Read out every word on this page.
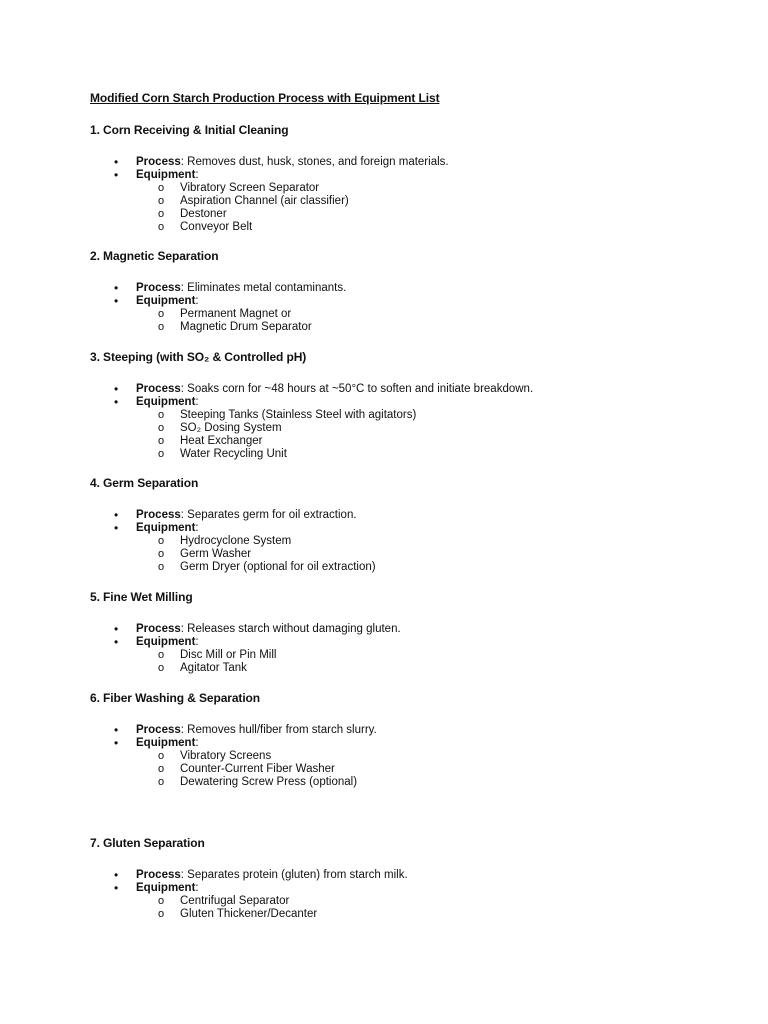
Modified Corn Starch Production Process with Equipment List
1. Corn Receiving & Initial Cleaning
• Process: Removes dust, husk, stones, and foreign materials.
• Equipment:
o Vibratory Screen Separator
o Aspiration Channel (air classifier)
o Destoner
o Conveyor Belt
2. Magnetic Separation
• Process: Eliminates metal contaminants.
• Equipment:
o Permanent Magnet or
o Magnetic Drum Separator
3. Steeping (with SO₂ & Controlled pH)
• Process: Soaks corn for ~48 hours at ~50°C to soften and initiate breakdown.
• Equipment:
o Steeping Tanks (Stainless Steel with agitators)
o SO₂ Dosing System
o Heat Exchanger
o Water Recycling Unit
4. Germ Separation
• Process: Separates germ for oil extraction.
• Equipment:
o Hydrocyclone System
o Germ Washer
o Germ Dryer (optional for oil extraction)
5. Fine Wet Milling
• Process: Releases starch without damaging gluten.
• Equipment:
o Disc Mill or Pin Mill
o Agitator Tank
6. Fiber Washing & Separation
• Process: Removes hull/fiber from starch slurry.
• Equipment:
o Vibratory Screens
o Counter-Current Fiber Washer
o Dewatering Screw Press (optional)
7. Gluten Separation
• Process: Separates protein (gluten) from starch milk.
• Equipment:
o Centrifugal Separator
o Gluten Thickener/Decanter
